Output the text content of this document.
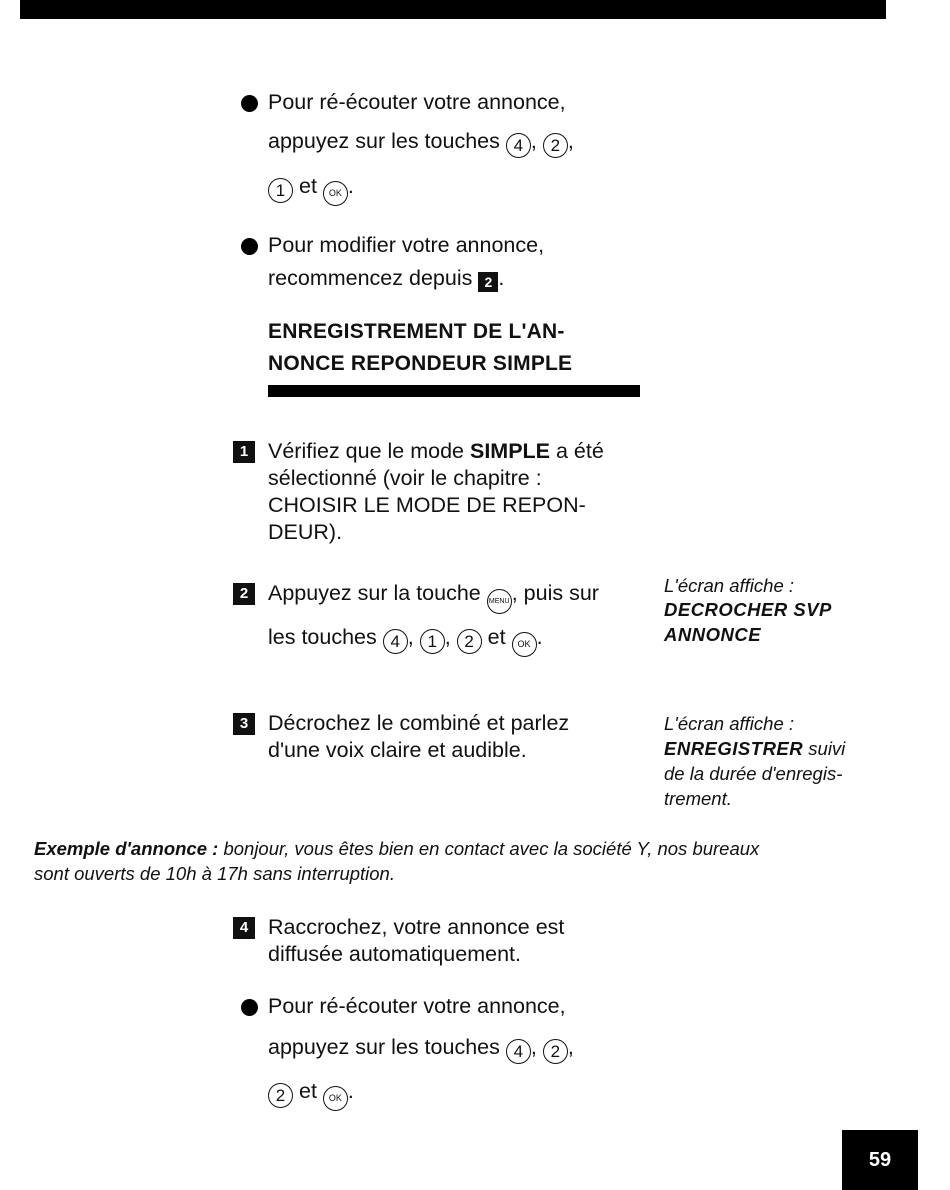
Pour ré-écouter votre annonce,
appuyez sur les touches 4 , 2 ,
1 et OK .
Pour modifier votre annonce,
recommencez depuis 2 .
ENREGISTREMENT DE L'AN-
NONCE REPONDEUR SIMPLE
1 Vérifiez que le mode SIMPLE a été
sélectionné (voir le chapitre :
CHOISIR LE MODE DE REPON-
DEUR).
2 Appuyez sur la touche MENU , puis sur
les touches 4 , 1 , 2 et OK .
L'écran affiche :
DECROCHER SVP
ANNONCE
3 Décrochez le combiné et parlez
d'une voix claire et audible.
L'écran affiche :
ENREGISTRER suivi
de la durée d'enregis-
trement.
Exemple d'annonce : bonjour, vous êtes bien en contact avec la société Y, nos bureaux
sont ouverts de 10h à 17h sans interruption.
4 Raccrochez, votre annonce est
diffusée automatiquement.
Pour ré-écouter votre annonce,
appuyez sur les touches 4 , 2 ,
2 et OK .
59
